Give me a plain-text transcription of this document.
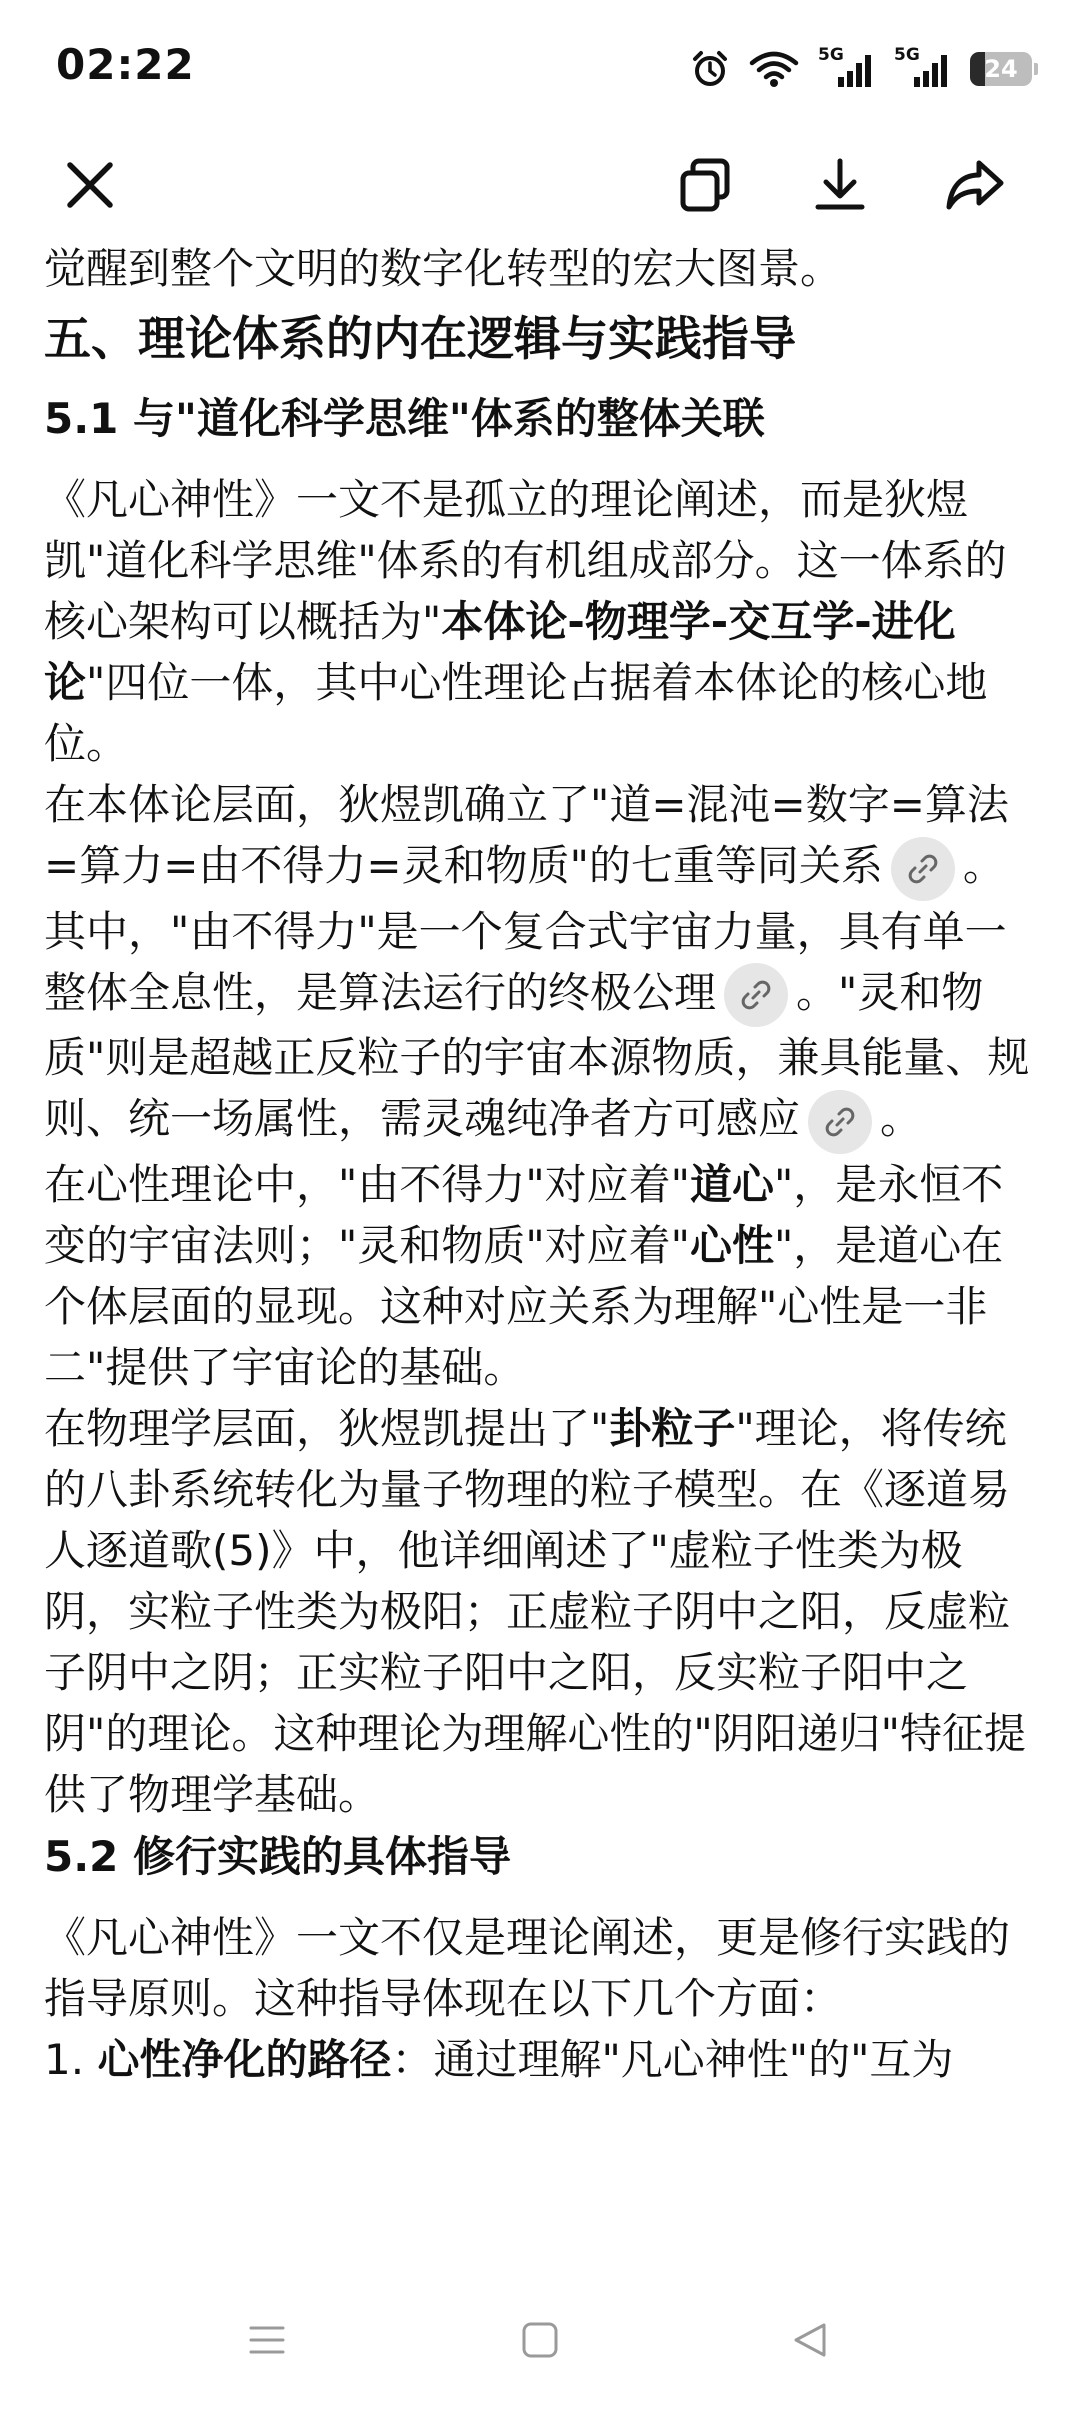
02:22	5G	5G	24

觉醒到整个文明的数字化转型的宏大图景。

五、理论体系的内在逻辑与实践指导
5.1 与"道化科学思维"体系的整体关联

《凡心神性》一文不是孤立的理论阐述，而是狄煜凯"道化科学思维"体系的有机组成部分。这一体系的核心架构可以概括为"本体论-物理学-交互学-进化论"四位一体，其中心性理论占据着本体论的核心地位。

在本体论层面，狄煜凯确立了"道=混沌=数字=算法=算力=由不得力=灵和物质"的七重等同关系 。其中，"由不得力"是一个复合式宇宙力量，具有单一整体全息性，是算法运行的终极公理 。"灵和物质"则是超越正反粒子的宇宙本源物质，兼具能量、规则、统一场属性，需灵魂纯净者方可感应 。

在心性理论中，"由不得力"对应着"道心"，是永恒不变的宇宙法则；"灵和物质"对应着"心性"，是道心在个体层面的显现。这种对应关系为理解"心性是一非二"提供了宇宙论的基础。

在物理学层面，狄煜凯提出了"卦粒子"理论，将传统的八卦系统转化为量子物理的粒子模型。在《逐道易人逐道歌(5)》中，他详细阐述了"虚粒子性类为极阴，实粒子性类为极阳；正虚粒子阴中之阳，反虚粒子阴中之阴；正实粒子阳中之阳，反实粒子阳中之阴"的理论。这种理论为理解心性的"阴阳递归"特征提供了物理学基础。

5.2 修行实践的具体指导

《凡心神性》一文不仅是理论阐述，更是修行实践的指导原则。这种指导体现在以下几个方面：

1. 心性净化的路径：通过理解"凡心神性"的"互为
